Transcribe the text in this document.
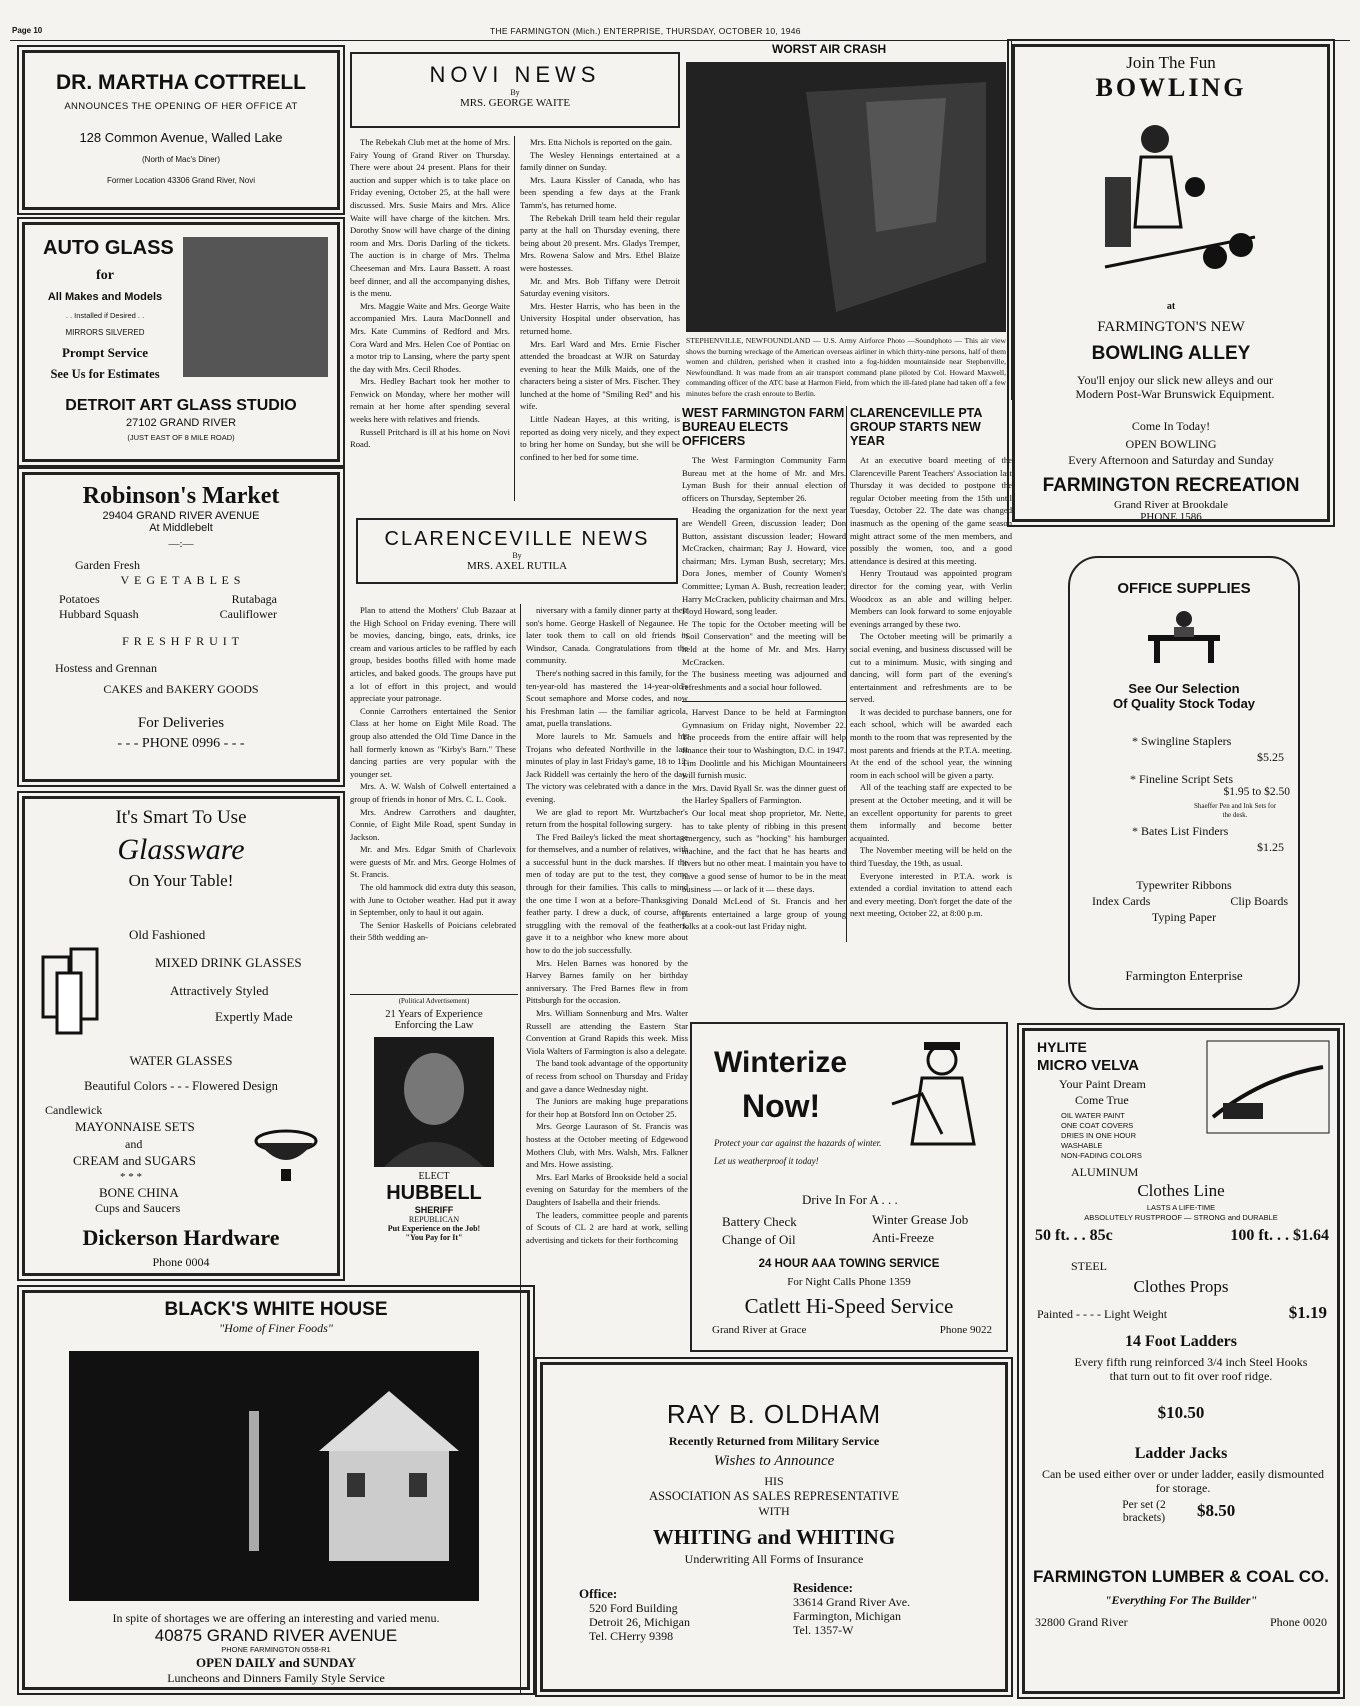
Page 10	THE FARMINGTON (Mich.) ENTERPRISE, THURSDAY, OCTOBER 10, 1946
DR. MARTHA COTTRELL
ANNOUNCES THE OPENING OF HER OFFICE AT
128 Common Avenue, Walled Lake
(North of Mac's Diner)
Former Location 43306 Grand River, Novi
AUTO GLASS
for
All Makes and Models
. . Installed if Desired . .
MIRRORS SILVERED
Prompt Service
See Us for Estimates
DETROIT ART GLASS STUDIO
27102 GRAND RIVER
(JUST EAST OF 8 MILE ROAD)
Robinson's Market
29404 GRAND RIVER AVENUE
At Middlebelt
—:—
Garden Fresh
V E G E T A B L E S
Potatoes	Rutabaga
Hubbard Squash	Cauliflower
F R E S H F R U I T
Hostess and Grennan
CAKES and BAKERY GOODS
For Deliveries
- - - PHONE 0996 - - -
It's Smart To Use
Glassware
On Your Table!
Old Fashioned
MIXED DRINK GLASSES
Attractively Styled
Expertly Made
WATER GLASSES
Beautiful Colors - - - Flowered Design
Candlewick
MAYONNAISE SETS
and
CREAM and SUGARS
* * *
BONE CHINA
Cups and Saucers
Dickerson Hardware
Phone 0004
BLACK'S WHITE HOUSE
"Home of Finer Foods"
In spite of shortages we are offering an interesting and varied menu.
40875 GRAND RIVER AVENUE
PHONE FARMINGTON 0558-R1
OPEN DAILY and SUNDAY
Luncheons and Dinners Family Style Service
NOVI NEWS
By
MRS. GEORGE WAITE

The Rebekah Club met at the home of Mrs. Fairy Young of Grand River on Thursday. There were about 24 present. Plans for their auction and supper which is to take place on Friday evening, October 25, at the hall were discussed. Mrs. Susie Mairs and Mrs. Alice Waite will have charge of the kitchen. Mrs. Dorothy Snow will have charge of the dining room and Mrs. Doris Darling of the tickets. The auction is in charge of Mrs. Thelma Cheeseman and Mrs. Laura Bassett. A roast beef dinner, and all the accompanying dishes, is the menu.

Mrs. Maggie Waite and Mrs. George Waite accompanied Mrs. Laura MacDonnell and Mrs. Kate Cummins of Redford and Mrs. Cora Ward and Mrs. Helen Coe of Pontiac on a motor trip to Lansing, where the party spent the day with Mrs. Cecil Rhodes.

Mrs. Hedley Bachart took her mother to Fenwick on Monday, where her mother will remain at her home after spending several weeks here with relatives and friends.

Russell Pritchard is ill at his home on Novi Road.

Mrs. Etta Nichols is reported on the gain.

The Wesley Hennings entertained at a family dinner on Sunday.

Mrs. Laura Kissler of Canada, who has been spending a few days at the Frank Tamm's, has returned home.

The Rebekah Drill team held their regular party at the hall on Thursday evening, there being about 20 present. Mrs. Gladys Tremper, Mrs. Rowena Salow and Mrs. Ethel Blaize were hostesses.

Mr. and Mrs. Bob Tiffany were Detroit Saturday evening visitors.

Mrs. Hester Harris, who has been in the University Hospital under observation, has returned home.

Mrs. Earl Ward and Mrs. Ernie Fischer attended the broadcast at WJR on Saturday evening to hear the Milk Maids, one of the characters being a sister of Mrs. Fischer. They lunched at the home of "Smiling Red" and his wife.

Little Nadean Hayes, at this writing, is reported as doing very nicely, and they expect to bring her home on Sunday, but she will be confined to her bed for some time.

CLARENCEVILLE NEWS
By
MRS. AXEL RUTILA

Plan to attend the Mothers' Club Bazaar at the High School on Friday evening. There will be movies, dancing, bingo, eats, drinks, ice cream and various articles to be raffled by each group, besides booths filled with home made articles, and baked goods. The groups have put a lot of effort in this project, and would appreciate your patronage.

Connie Carrothers entertained the Senior Class at her home on Eight Mile Road. The group also attended the Old Time Dance in the hall formerly known as "Kirby's Barn." These dancing parties are very popular with the younger set.

Mrs. A. W. Walsh of Colwell entertained a group of friends in honor of Mrs. C. L. Cook.

Mrs. Andrew Carrothers and daughter, Connie, of Eight Mile Road, spent Sunday in Jackson.

Mr. and Mrs. Edgar Smith of Charlevoix were guests of Mr. and Mrs. George Holmes of St. Francis.

The old hammock did extra duty this season, with June to October weather. Had put it away in September, only to haul it out again.

The Senior Haskells of Poicians celebrated their 58th wedding an-

niversary with a family dinner party at their son's home. George Haskell of Negaunee. He later took them to call on old friends in Windsor, Canada. Congratulations from the community.

There's nothing sacred in this family, for the ten-year-old has mastered the 14-year-old's Scout semaphore and Morse codes, and now his Freshman latin — the familiar agricola, amat, puella translations.

More laurels to Mr. Samuels and his Trojans who defeated Northville in the last minutes of play in last Friday's game, 18 to 12. Jack Riddell was certainly the hero of the day. The victory was celebrated with a dance in the evening.

We are glad to report Mr. Wurtzbacher's return from the hospital following surgery.

The Fred Bailey's licked the meat shortage for themselves, and a number of relatives, with a successful hunt in the duck marshes. If the men of today are put to the test, they come through for their families. This calls to mind the one time I won at a before-Thanksgiving feather party. I drew a duck, of course, after struggling with the removal of the feathers, gave it to a neighbor who knew more about how to do the job successfully.

Mrs. Helen Barnes was honored by the Harvey Barnes family on her birthday anniversary. The Fred Barnes flew in from Pittsburgh for the occasion.

Mrs. William Sonnenburg and Mrs. Walter Russell are attending the Eastern Star Convention at Grand Rapids this week. Miss Viola Walters of Farmington is also a delegate.

The band took advantage of the opportunity of recess from school on Thursday and Friday and gave a dance Wednesday night.

The Juniors are making huge preparations for their hop at Botsford Inn on October 25.

Mrs. George Laurason of St. Francis was hostess at the October meeting of Edgewood Mothers Club, with Mrs. Walsh, Mrs. Falkner and Mrs. Howe assisting.

Mrs. Earl Marks of Brookside held a social evening on Saturday for the members of the Daughters of Isabella and their friends.

The leaders, committee people and parents of Scouts of CL 2 are hard at work, selling advertising and tickets for their forthcoming

(Political Advertisement)
21 Years of Experience
Enforcing the Law
ELECT
HUBBELL
SHERIFF
REPUBLICAN
Put Experience on the Job!
"You Pay for It"
WORST AIR CRASH
STEPHENVILLE, NEWFOUNDLAND — U.S. Army Airforce Photo —Soundphoto — This air view shows the burning wreckage of the American overseas airliner in which thirty-nine persons, half of them women and children, perished when it crashed into a fog-hidden mountainside near Stephenville, Newfoundland. It was made from an air transport command plane piloted by Col. Howard Maxwell, commanding officer of the ATC base at Harmon Field, from which the ill-fated plane had taken off a few minutes before the crash enroute to Berlin.
WEST FARMINGTON FARM BUREAU ELECTS OFFICERS

The West Farmington Community Farm Bureau met at the home of Mr. and Mrs. Lyman Bush for their annual election of officers on Thursday, September 26.

Heading the organization for the next year are Wendell Green, discussion leader; Don Button, assistant discussion leader; Howard McCracken, chairman; Ray J. Howard, vice chairman; Mrs. Lyman Bush, secretary; Mrs. Dora Jones, member of County Women's Committee; Lyman A. Bush, recreation leader; Harry McCracken, publicity chairman and Mrs. Floyd Howard, song leader.

The topic for the October meeting will be "Soil Conservation" and the meeting will be held at the home of Mr. and Mrs. Harry McCracken.

The business meeting was adjourned and refreshments and a social hour followed.

Harvest Dance to be held at Farmington Gymnasium on Friday night, November 22. The proceeds from the entire affair will help finance their tour to Washington, D.C. in 1947. Tim Doolittle and his Michigan Mountaineers will furnish music.

Mrs. David Ryall Sr. was the dinner guest of the Harley Spallers of Farmington.

Our local meat shop proprietor, Mr. Nette, has to take plenty of ribbing in this present emergency, such as "hocking" his hamburger machine, and the fact that he has hearts and livers but no other meat. I maintain you have to have a good sense of humor to be in the meat business — or lack of it — these days.

Donald McLeod of St. Francis and her parents entertained a large group of young folks at a cook-out last Friday night.

CLARENCEVILLE PTA GROUP STARTS NEW YEAR

At an executive board meeting of the Clarenceville Parent Teachers' Association last Thursday it was decided to postpone the regular October meeting from the 15th until Tuesday, October 22. The date was changed inasmuch as the opening of the game season might attract some of the men members, and possibly the women, too, and a good attendance is desired at this meeting.

Henry Troutaud was appointed program director for the coming year, with Verlin Woodcox as an able and willing helper. Members can look forward to some enjoyable evenings arranged by these two.

The October meeting will be primarily a social evening, and business discussed will be cut to a minimum. Music, with singing and dancing, will form part of the evening's entertainment and refreshments are to be served.

It was decided to purchase banners, one for each school, which will be awarded each month to the room that was represented by the most parents and friends at the P.T.A. meeting. At the end of the school year, the winning room in each school will be given a party.

All of the teaching staff are expected to be present at the October meeting, and it will be an excellent opportunity for parents to greet them informally and become better acquainted.

The November meeting will be held on the third Tuesday, the 19th, as usual.

Everyone interested in P.T.A. work is extended a cordial invitation to attend each and every meeting. Don't forget the date of the next meeting, October 22, at 8:00 p.m.

Winterize
Now!
Protect your car against the hazards of winter. Let us weatherproof it today!
Drive In For A . . .
Battery Check	Winter Grease Job
Change of Oil	Anti-Freeze
24 HOUR AAA TOWING SERVICE
For Night Calls Phone 1359
Catlett Hi-Speed Service
Grand River at Grace	Phone 9022
RAY B. OLDHAM
Recently Returned from Military Service
Wishes to Announce
HIS
ASSOCIATION AS SALES REPRESENTATIVE
WITH
WHITING and WHITING
Underwriting All Forms of Insurance
Office:
520 Ford Building
Detroit 26, Michigan
Tel. CHerry 9398
Residence:
33614 Grand River Ave.
Farmington, Michigan
Tel. 1357-W
Join The Fun
BOWLING
at
FARMINGTON'S NEW
BOWLING ALLEY
You'll enjoy our slick new alleys and our Modern Post-War Brunswick Equipment.
Come In Today!
OPEN BOWLING
Every Afternoon and Saturday and Sunday
FARMINGTON RECREATION
Grand River at Brookdale
PHONE 1586
OFFICE SUPPLIES
See Our Selection
Of Quality Stock Today
* Swingline Staplers
$5.25
* Fineline Script Sets
$1.95 to $2.50
Shaeffer Pen and Ink Sets for the desk.
* Bates List Finders
$1.25
Typewriter Ribbons
Index Cards	Clip Boards
Typing Paper
Farmington Enterprise
HYLITE
MICRO VELVA
Your Paint Dream
Come True
OIL WATER PAINT
ONE COAT COVERS
DRIES IN ONE HOUR
WASHABLE
NON-FADING COLORS
ALUMINUM
Clothes Line
LASTS A LIFE-TIME
ABSOLUTELY RUSTPROOF — STRONG and DURABLE
50 ft. . . 85c	100 ft. . . $1.64
STEEL
Clothes Props
Painted - - - - Light Weight	$1.19
14 Foot Ladders
Every fifth rung reinforced 3/4 inch Steel Hooks that turn out to fit over roof ridge.
$10.50
Ladder Jacks
Can be used either over or under ladder, easily dismounted for storage.
Per set (2 brackets)	$8.50
FARMINGTON LUMBER & COAL CO.
"Everything For The Builder"
32800 Grand River	Phone 0020
